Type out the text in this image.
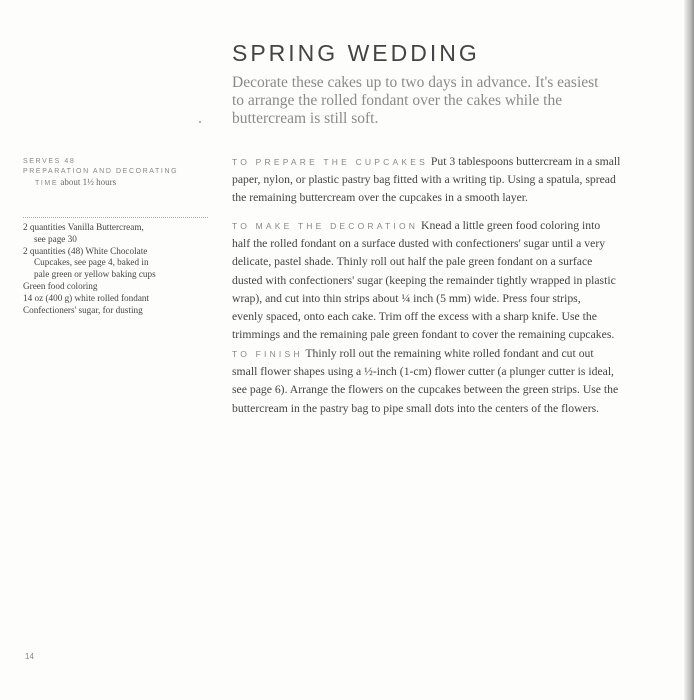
SPRING WEDDING
Decorate these cakes up to two days in advance. It's easiest
to arrange the rolled fondant over the cakes while the
buttercream is still soft.
SERVES 48
PREPARATION AND DECORATING
TIME about 1½ hours
2 quantities Vanilla Buttercream,
see page 30
2 quantities (48) White Chocolate
Cupcakes, see page 4, baked in
pale green or yellow baking cups
Green food coloring
14 oz (400 g) white rolled fondant
Confectioners' sugar, for dusting
TO PREPARE THE CUPCAKES Put 3 tablespoons buttercream in a small
paper, nylon, or plastic pastry bag fitted with a writing tip. Using a spatula, spread
the remaining buttercream over the cupcakes in a smooth layer.
TO MAKE THE DECORATION Knead a little green food coloring into
half the rolled fondant on a surface dusted with confectioners' sugar until a very
delicate, pastel shade. Thinly roll out half the pale green fondant on a surface
dusted with confectioners' sugar (keeping the remainder tightly wrapped in plastic
wrap), and cut into thin strips about ¼ inch (5 mm) wide. Press four strips,
evenly spaced, onto each cake. Trim off the excess with a sharp knife. Use the
trimmings and the remaining pale green fondant to cover the remaining cupcakes.
TO FINISH Thinly roll out the remaining white rolled fondant and cut out
small flower shapes using a ½-inch (1-cm) flower cutter (a plunger cutter is ideal,
see page 6). Arrange the flowers on the cupcakes between the green strips. Use the
buttercream in the pastry bag to pipe small dots into the centers of the flowers.
14
